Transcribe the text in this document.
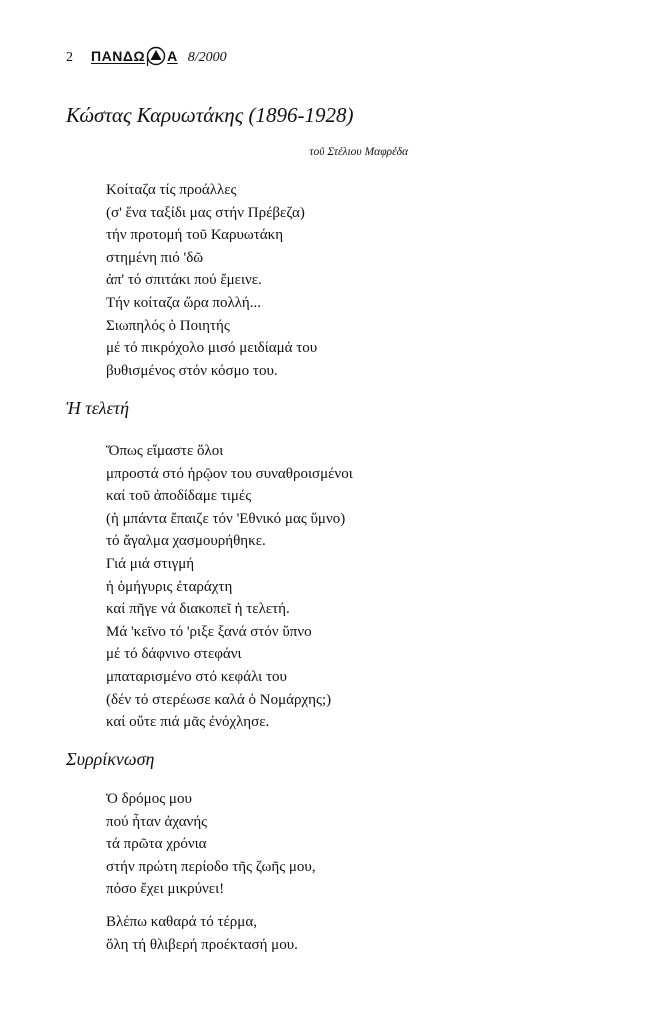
2 ΠΑΝΔΩ Α 8/2000
Κώστας Καρυωτάκης (1896-1928)
τοῦ Στέλιου Μαφρέδα
Κοίταζα τίς προάλλες
(σ' ἕνα ταξίδι μας στήν Πρέβεζα)
τήν προτομή τοῦ Καρυωτάκη
στημένη πιό 'δῶ
ἀπ' τό σπιτάκι πού ἔμεινε.
Τήν κοίταζα ὥρα πολλή...
Σιωπηλός ὁ Ποιητής
μέ τό πικρόχολο μισό μειδίαμά του
βυθισμένος στόν κόσμο του.
Ἡ τελετή
Ὅπως εἴμαστε ὅλοι
μπροστά στό ἡρῷον του συναθροισμένοι
καί τοῦ ἀποδίδαμε τιμές
(ἡ μπάντα ἔπαιζε τόν 'Εθνικό μας ὕμνο)
τό ἄγαλμα χασμουρήθηκε.
Γιά μιά στιγμή
ἡ ὁμήγυρις ἐταράχτη
καί πῆγε νά διακοπεῖ ἡ τελετή.
Μά 'κεῖνο τό 'ριξε ξανά στόν ὕπνο
μέ τό δάφνινο στεφάνι
μπαταρισμένο στό κεφάλι του
(δέν τό στερέωσε καλά ὁ Νομάρχης;)
καί οὔτε πιά μᾶς ἐνόχλησε.
Συρρίκνωση
Ὁ δρόμος μου
πού ἦταν ἀχανής
τά πρῶτα χρόνια
στήν πρώτη περίοδο τῆς ζωῆς μου,
πόσο ἔχει μικρύνει!
Βλέπω καθαρά τό τέρμα,
ὅλη τή θλιβερή προέκτασή μου.
